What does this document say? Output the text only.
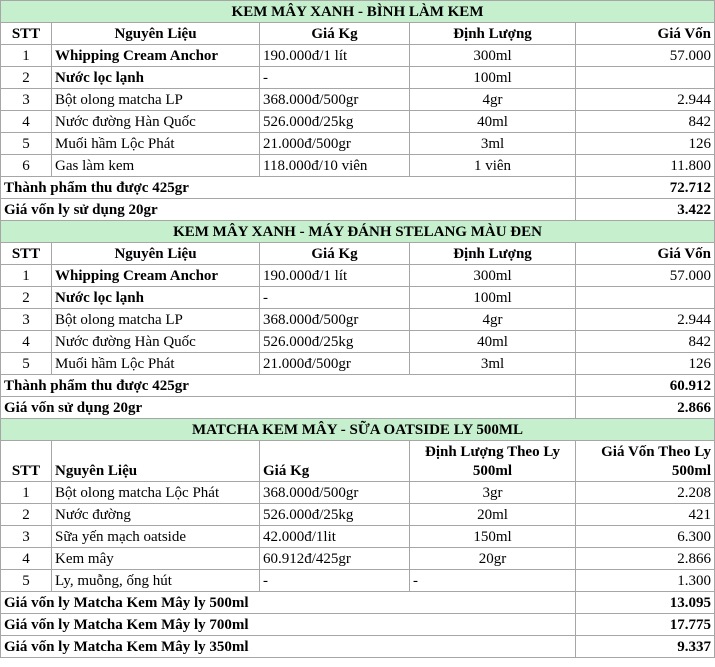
KEM MÂY XANH - BÌNH LÀM KEM				
STT	Nguyên Liệu	Giá Kg	Định Lượng	Giá Vốn
1	Whipping Cream Anchor	190.000đ/1 lít	300ml	57.000
2	Nước lọc lạnh	-	100ml	
3	Bột olong matcha LP	368.000đ/500gr	4gr	2.944
4	Nước đường Hàn Quốc	526.000đ/25kg	40ml	842
5	Muối hầm Lộc Phát	21.000đ/500gr	3ml	126
6	Gas làm kem	118.000đ/10 viên	1 viên	11.800
Thành phẩm thu được 425gr				72.712
Giá vốn ly sử dụng 20gr				3.422
KEM MÂY XANH - MÁY ĐÁNH STELANG MÀU ĐEN				
STT	Nguyên Liệu	Giá Kg	Định Lượng	Giá Vốn
1	Whipping Cream Anchor	190.000đ/1 lít	300ml	57.000
2	Nước lọc lạnh	-	100ml	
3	Bột olong matcha LP	368.000đ/500gr	4gr	2.944
4	Nước đường Hàn Quốc	526.000đ/25kg	40ml	842
5	Muối hầm Lộc Phát	21.000đ/500gr	3ml	126
Thành phẩm thu được 425gr				60.912
Giá vốn sử dụng 20gr				2.866
MATCHA KEM MÂY - SỮA OATSIDE LY 500ML				
STT	Nguyên Liệu	Giá Kg	Định Lượng Theo Ly 500ml	Giá Vốn Theo Ly 500ml
1	Bột olong matcha Lộc Phát	368.000đ/500gr	3gr	2.208
2	Nước đường	526.000đ/25kg	20ml	421
3	Sữa yến mạch oatside	42.000đ/1lit	150ml	6.300
4	Kem mây	60.912đ/425gr	20gr	2.866
5	Ly, muỗng, ống hút	-	-	1.300
Giá vốn ly Matcha Kem Mây ly 500ml				13.095
Giá vốn ly Matcha Kem Mây ly 700ml				17.775
Giá vốn ly Matcha Kem Mây ly 350ml				9.337
